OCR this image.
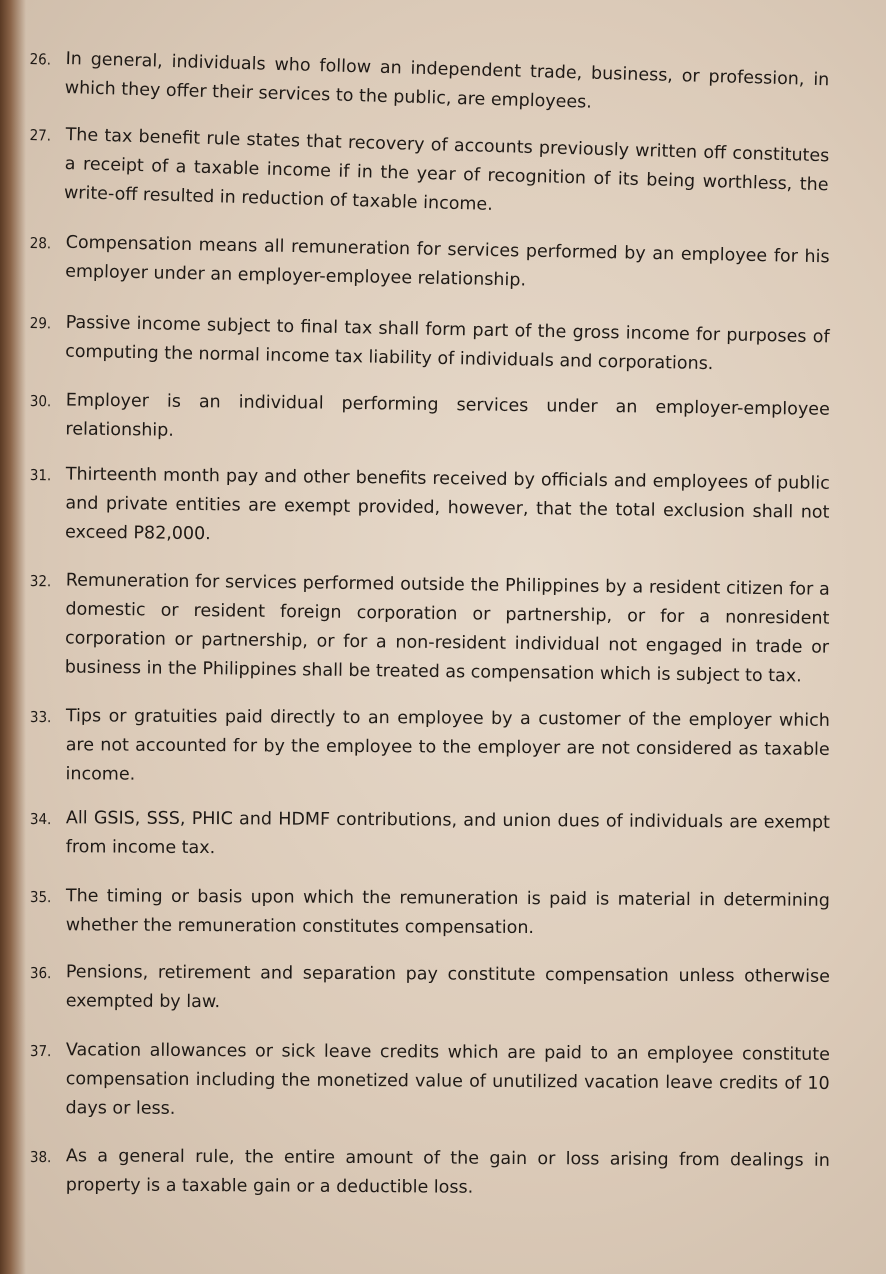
26. In general, individuals who follow an independent trade, business, or profession, in which they offer their services to the public, are employees.
27. The tax benefit rule states that recovery of accounts previously written off constitutes a receipt of a taxable income if in the year of recognition of its being worthless, the write-off resulted in reduction of taxable income.
28. Compensation means all remuneration for services performed by an employee for his employer under an employer-employee relationship.
29. Passive income subject to final tax shall form part of the gross income for purposes of computing the normal income tax liability of individuals and corporations.
30. Employer is an individual performing services under an employer-employee relationship.
31. Thirteenth month pay and other benefits received by officials and employees of public and private entities are exempt provided, however, that the total exclusion shall not exceed P82,000.
32. Remuneration for services performed outside the Philippines by a resident citizen for a domestic or resident foreign corporation or partnership, or for a nonresident corporation or partnership, or for a non-resident individual not engaged in trade or business in the Philippines shall be treated as compensation which is subject to tax.
33. Tips or gratuities paid directly to an employee by a customer of the employer which are not accounted for by the employee to the employer are not considered as taxable income.
34. All GSIS, SSS, PHIC and HDMF contributions, and union dues of individuals are exempt from income tax.
35. The timing or basis upon which the remuneration is paid is material in determining whether the remuneration constitutes compensation.
36. Pensions, retirement and separation pay constitute compensation unless otherwise exempted by law.
37. Vacation allowances or sick leave credits which are paid to an employee constitute compensation including the monetized value of unutilized vacation leave credits of 10 days or less.
38. As a general rule, the entire amount of the gain or loss arising from dealings in property is a taxable gain or a deductible loss.
